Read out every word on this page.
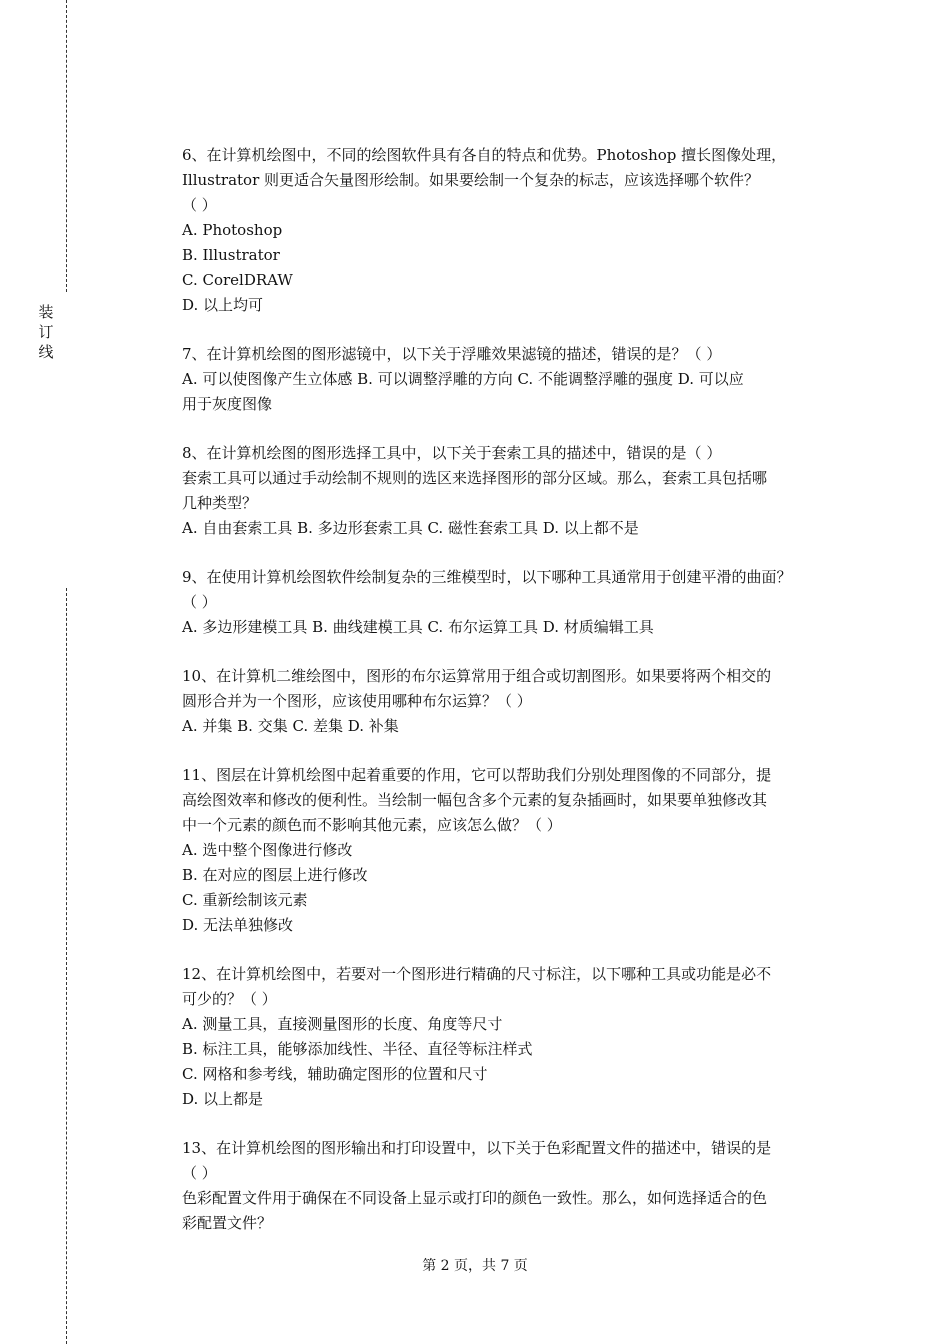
装
订
线
6、在计算机绘图中，不同的绘图软件具有各自的特点和优势。Photoshop 擅长图像处理，
Illustrator 则更适合矢量图形绘制。如果要绘制一个复杂的标志，应该选择哪个软件？
（ ）
A. Photoshop
B. Illustrator
C. CorelDRAW
D. 以上均可
7、在计算机绘图的图形滤镜中，以下关于浮雕效果滤镜的描述，错误的是？（ ）
A. 可以使图像产生立体感 B. 可以调整浮雕的方向 C. 不能调整浮雕的强度 D. 可以应
用于灰度图像
8、在计算机绘图的图形选择工具中，以下关于套索工具的描述中，错误的是（ ）
套索工具可以通过手动绘制不规则的选区来选择图形的部分区域。那么，套索工具包括哪
几种类型？
A. 自由套索工具 B. 多边形套索工具 C. 磁性套索工具 D. 以上都不是
9、在使用计算机绘图软件绘制复杂的三维模型时，以下哪种工具通常用于创建平滑的曲面？
（ ）
A. 多边形建模工具 B. 曲线建模工具 C. 布尔运算工具 D. 材质编辑工具
10、在计算机二维绘图中，图形的布尔运算常用于组合或切割图形。如果要将两个相交的
圆形合并为一个图形，应该使用哪种布尔运算？（ ）
A. 并集 B. 交集 C. 差集 D. 补集
11、图层在计算机绘图中起着重要的作用，它可以帮助我们分别处理图像的不同部分，提
高绘图效率和修改的便利性。当绘制一幅包含多个元素的复杂插画时，如果要单独修改其
中一个元素的颜色而不影响其他元素，应该怎么做？（ ）
A. 选中整个图像进行修改
B. 在对应的图层上进行修改
C. 重新绘制该元素
D. 无法单独修改
12、在计算机绘图中，若要对一个图形进行精确的尺寸标注，以下哪种工具或功能是必不
可少的？（ ）
A. 测量工具，直接测量图形的长度、角度等尺寸
B. 标注工具，能够添加线性、半径、直径等标注样式
C. 网格和参考线，辅助确定图形的位置和尺寸
D. 以上都是
13、在计算机绘图的图形输出和打印设置中，以下关于色彩配置文件的描述中，错误的是
（ ）
色彩配置文件用于确保在不同设备上显示或打印的颜色一致性。那么，如何选择适合的色
彩配置文件？
第 2 页，共 7 页
